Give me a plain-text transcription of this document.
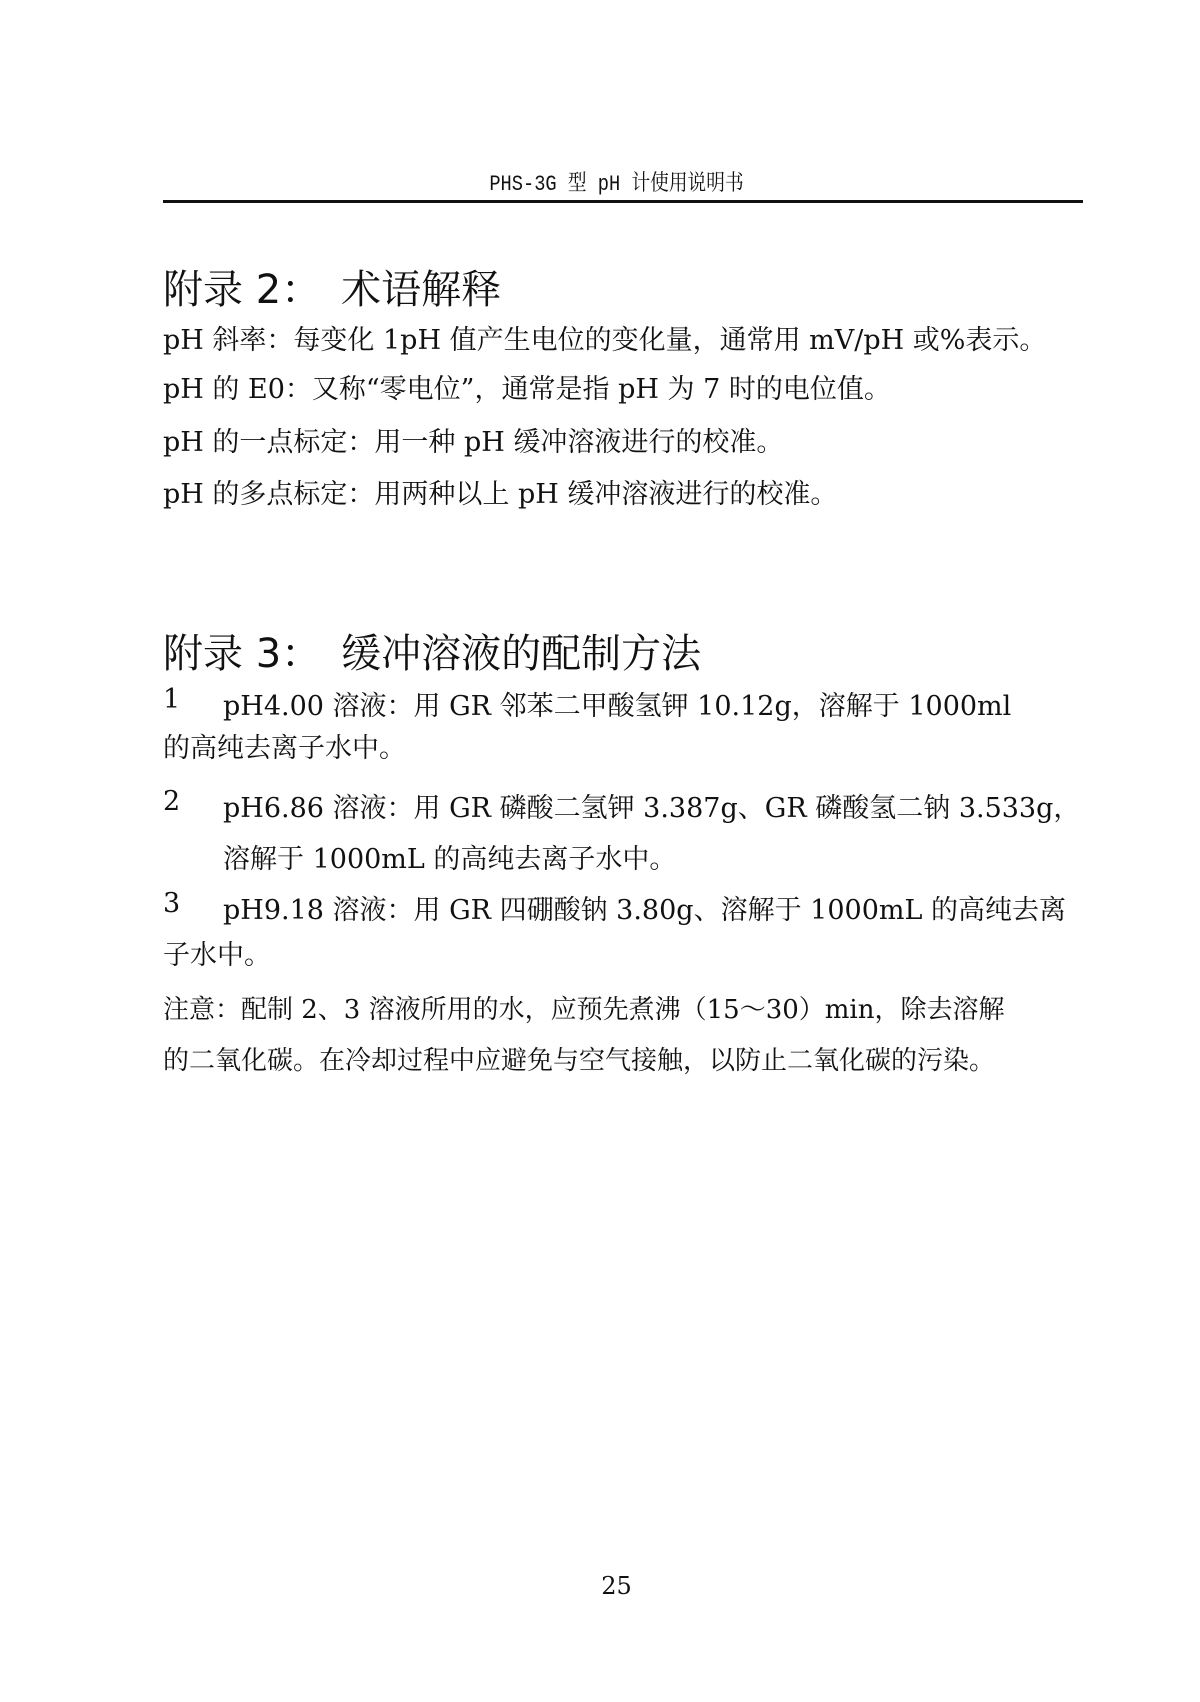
PHS-3G 型 pH 计使用说明书
附录 2：　术语解释
pH 斜率：每变化 1pH 值产生电位的变化量，通常用 mV/pH 或%表示。
pH 的 E0：又称“零电位”，通常是指 pH 为 7 时的电位值。
pH 的一点标定：用一种 pH 缓冲溶液进行的校准。
pH 的多点标定：用两种以上 pH 缓冲溶液进行的校准。
附录 3：　缓冲溶液的配制方法
1 pH4.00 溶液：用 GR 邻苯二甲酸氢钾 10.12g，溶解于 1000ml
的高纯去离子水中。
2 pH6.86 溶液：用 GR 磷酸二氢钾 3.387g、GR 磷酸氢二钠 3.533g，
溶解于 1000mL 的高纯去离子水中。
3 pH9.18 溶液：用 GR 四硼酸钠 3.80g、溶解于 1000mL 的高纯去离
子水中。
注意：配制 2、3 溶液所用的水，应预先煮沸（15～30）min，除去溶解
的二氧化碳。在冷却过程中应避免与空气接触，以防止二氧化碳的污染。
25
